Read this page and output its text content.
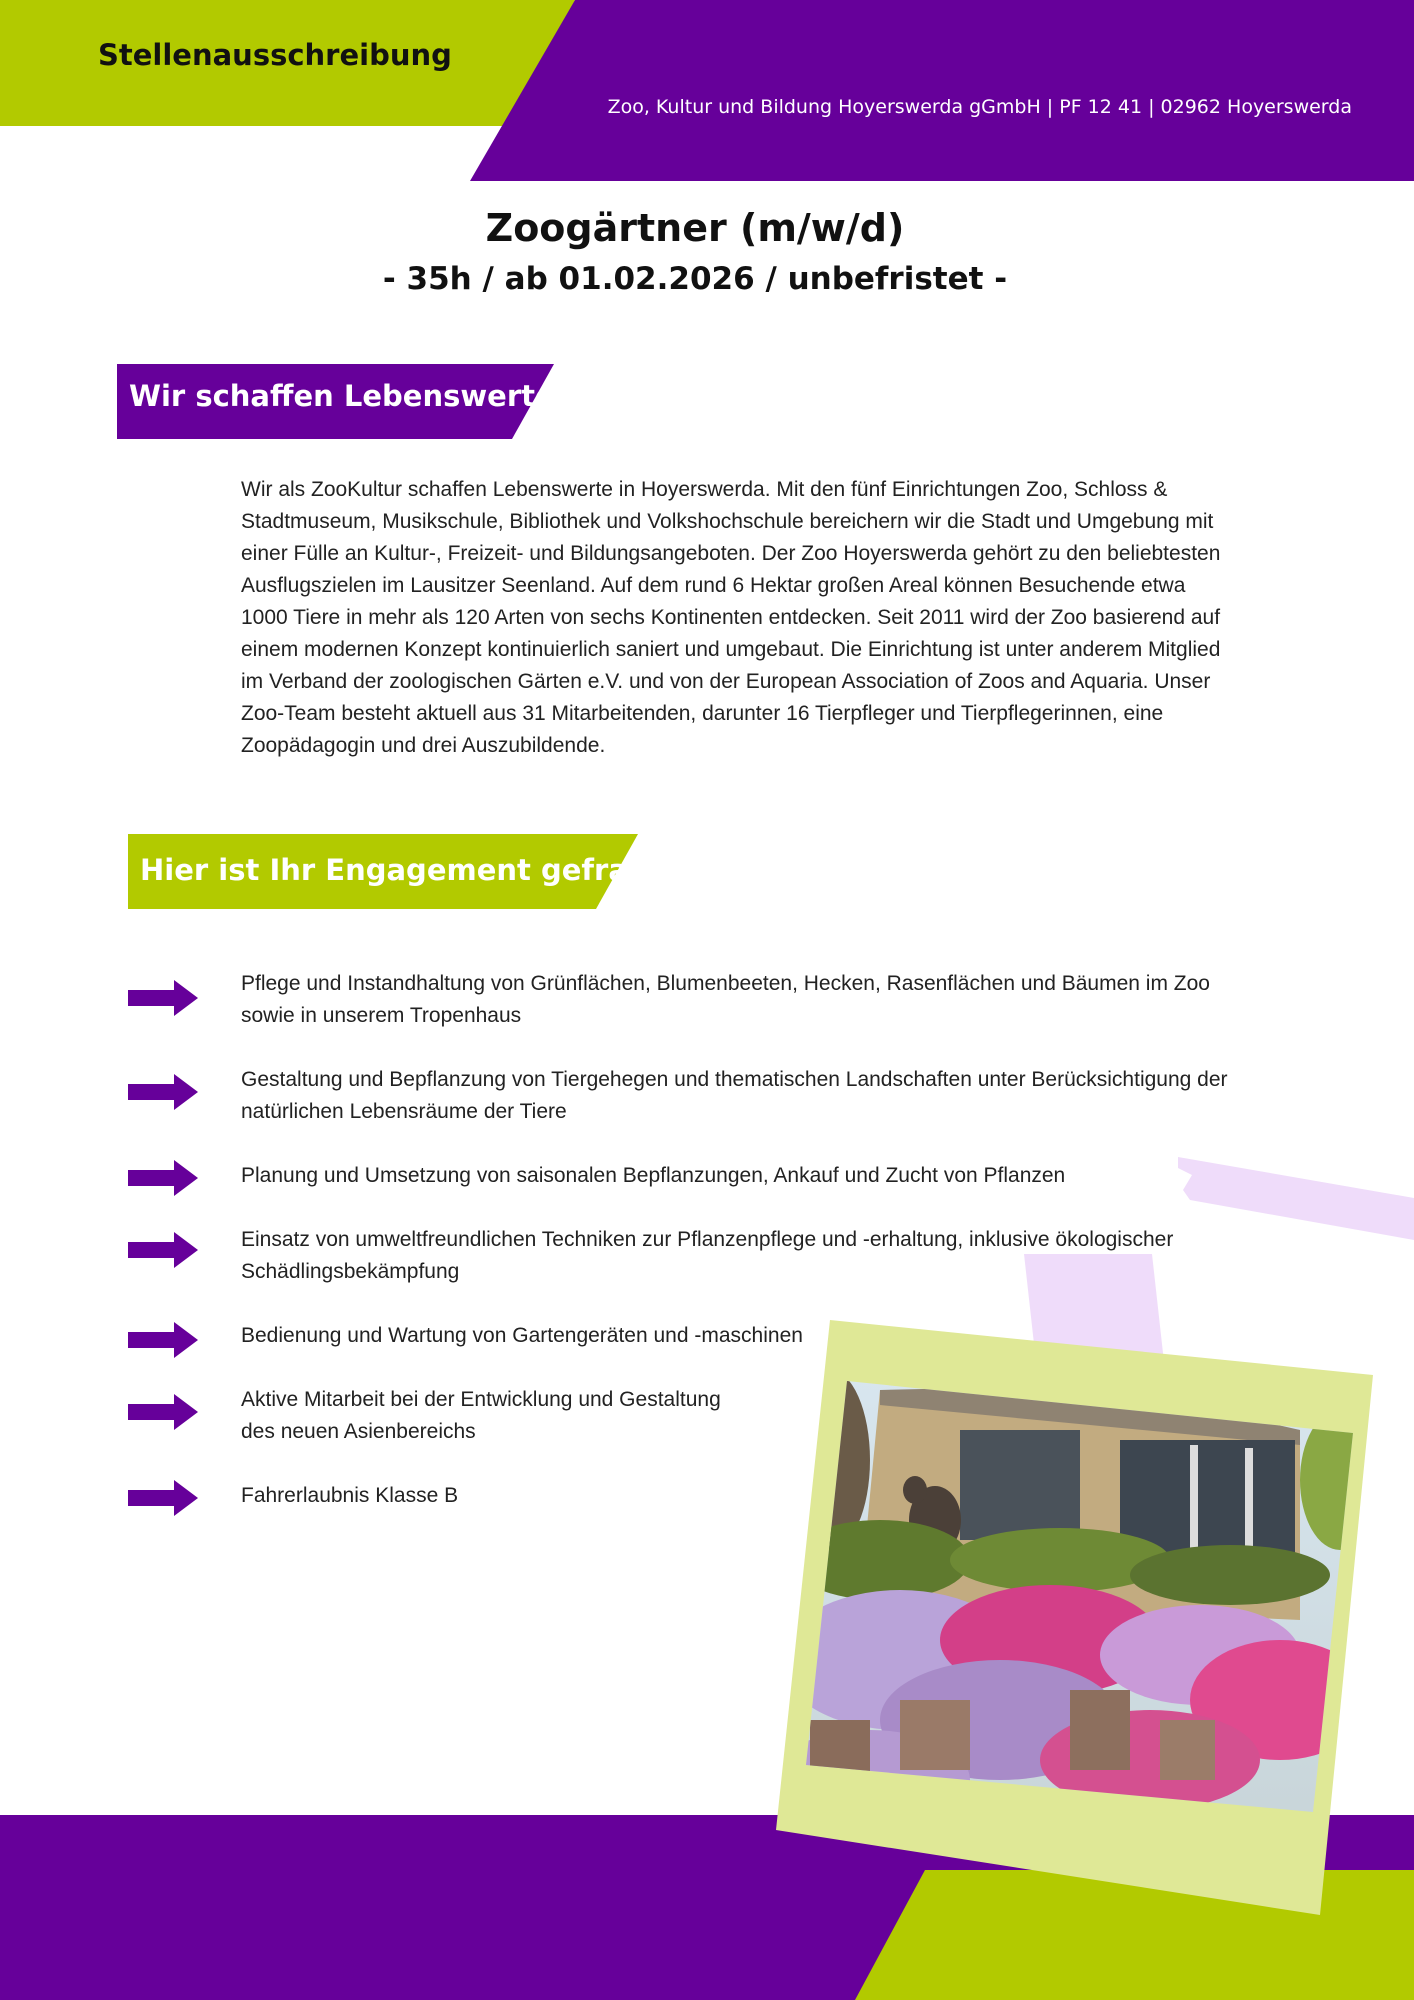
Stellenausschreibung
Zoo, Kultur und Bildung Hoyerswerda gGmbH | PF 12 41 | 02962 Hoyerswerda
Zoogärtner (m/w/d)
- 35h / ab 01.02.2026 / unbefristet -
Wir schaffen Lebenswerte!
Wir als ZooKultur schaffen Lebenswerte in Hoyerswerda. Mit den fünf Einrichtungen Zoo, Schloss &
Stadtmuseum, Musikschule, Bibliothek und Volkshochschule bereichern wir die Stadt und Umgebung mit
einer Fülle an Kultur-, Freizeit- und Bildungsangeboten. Der Zoo Hoyerswerda gehört zu den beliebtesten
Ausflugszielen im Lausitzer Seenland. Auf dem rund 6 Hektar großen Areal können Besuchende etwa
1000 Tiere in mehr als 120 Arten von sechs Kontinenten entdecken. Seit 2011 wird der Zoo basierend auf
einem modernen Konzept kontinuierlich saniert und umgebaut. Die Einrichtung ist unter anderem Mitglied
im Verband der zoologischen Gärten e.V. und von der European Association of Zoos and Aquaria. Unser
Zoo-Team besteht aktuell aus 31 Mitarbeitenden, darunter 16 Tierpfleger und Tierpflegerinnen, eine
Zoopädagogin und drei Auszubildende.
Hier ist Ihr Engagement gefragt:
Pflege und Instandhaltung von Grünflächen, Blumenbeeten, Hecken, Rasenflächen und Bäumen im Zoo
sowie in unserem Tropenhaus
Gestaltung und Bepflanzung von Tiergehegen und thematischen Landschaften unter Berücksichtigung der
natürlichen Lebensräume der Tiere
Planung und Umsetzung von saisonalen Bepflanzungen, Ankauf und Zucht von Pflanzen
Einsatz von umweltfreundlichen Techniken zur Pflanzenpflege und -erhaltung, inklusive ökologischer
Schädlingsbekämpfung
Bedienung und Wartung von Gartengeräten und -maschinen
Aktive Mitarbeit bei der Entwicklung und Gestaltung
des neuen Asienbereichs
Fahrerlaubnis Klasse B
